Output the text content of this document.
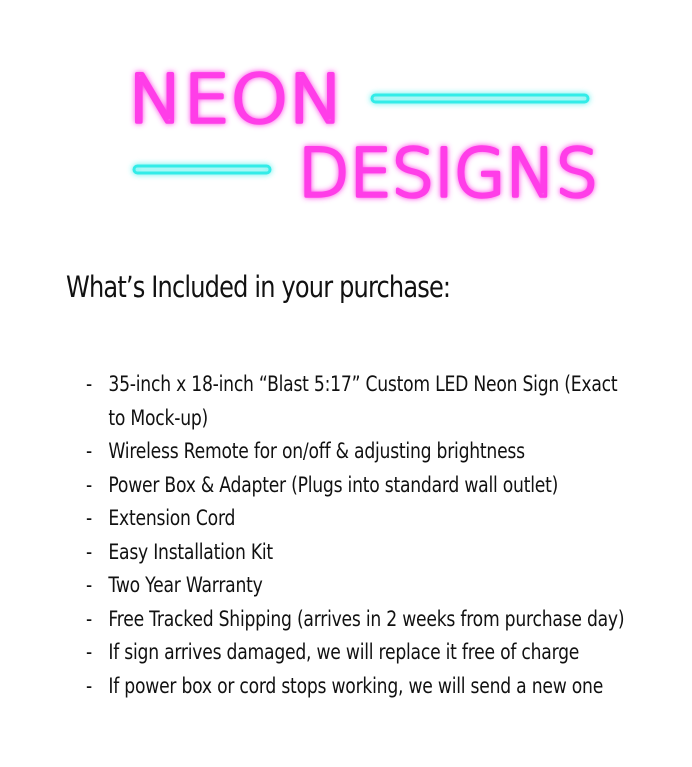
NEON
DESIGNS
What’s Included in your purchase:
- 35-inch x 18-inch “Blast 5:17” Custom LED Neon Sign (Exact to Mock-up)
- Wireless Remote for on/off & adjusting brightness
- Power Box & Adapter (Plugs into standard wall outlet)
- Extension Cord
- Easy Installation Kit
- Two Year Warranty
- Free Tracked Shipping (arrives in 2 weeks from purchase day)
- If sign arrives damaged, we will replace it free of charge
- If power box or cord stops working, we will send a new one
